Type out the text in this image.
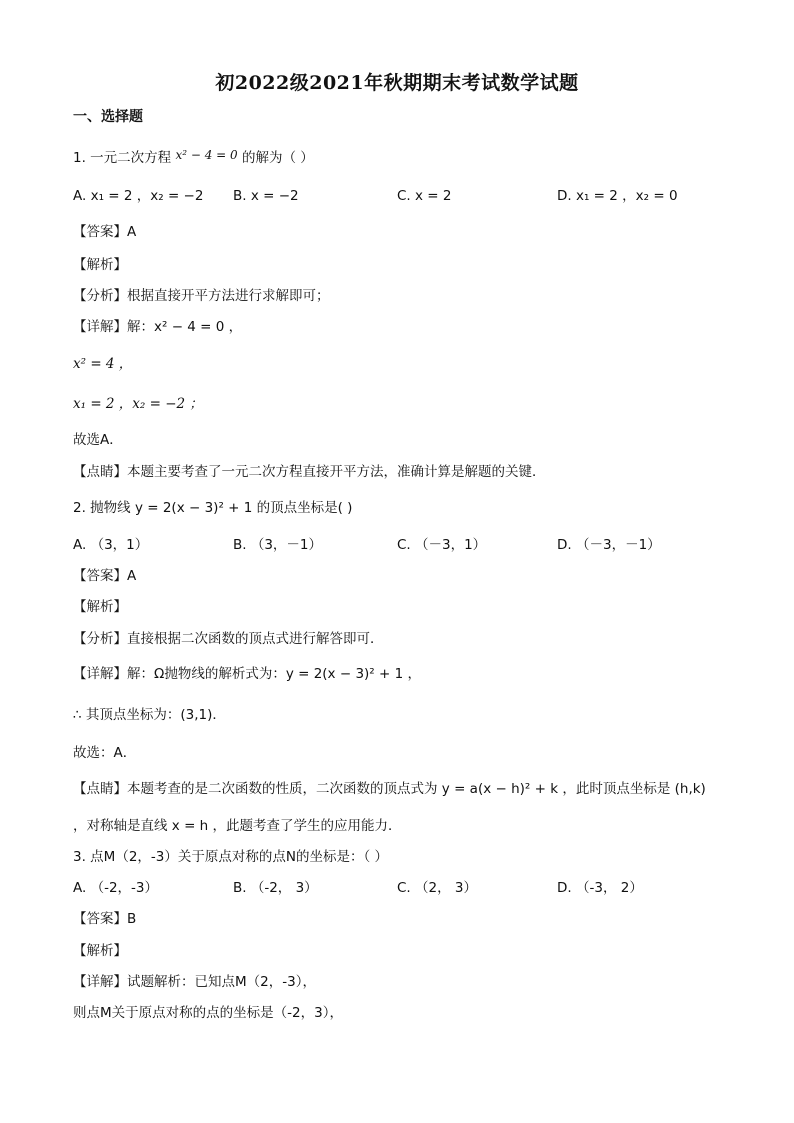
初2022级2021年秋期期末考试数学试题
一、选择题
1. 一元二次方程 x² − 4 = 0 的解为（ ）
A. x₁ = 2 ，x₂ = −2 B. x = −2	C. x = 2	D. x₁ = 2 ，x₂ = 0
【答案】A
【解析】
【分析】根据直接开平方法进行求解即可；
【详解】解：x² − 4 = 0 ，
x² = 4 ，
x₁ = 2 ，x₂ = −2 ；
故选A．
【点睛】本题主要考查了一元二次方程直接开平方法，准确计算是解题的关键．
2. 抛物线 y = 2(x − 3)² + 1 的顶点坐标是( )
A. （3，1）	B. （3，－1）	C. （－3，1）	D. （－3，－1）
【答案】A
【解析】
【分析】直接根据二次函数的顶点式进行解答即可．
【详解】解：Ω抛物线的解析式为：y = 2(x − 3)² + 1 ，
∴ 其顶点坐标为：(3,1)．
故选：A．
【点睛】本题考查的是二次函数的性质，二次函数的顶点式为 y = a(x − h)² + k ，此时顶点坐标是 (h,k)
，对称轴是直线 x = h ，此题考查了学生的应用能力．
3. 点M（2，-3）关于原点对称的点N的坐标是：（ ）
A. （-2，-3）	B. （-2， 3）	C. （2， 3）	D. （-3， 2）
【答案】B
【解析】
【详解】试题解析：已知点M（2，-3），
则点M关于原点对称的点的坐标是（-2，3），
